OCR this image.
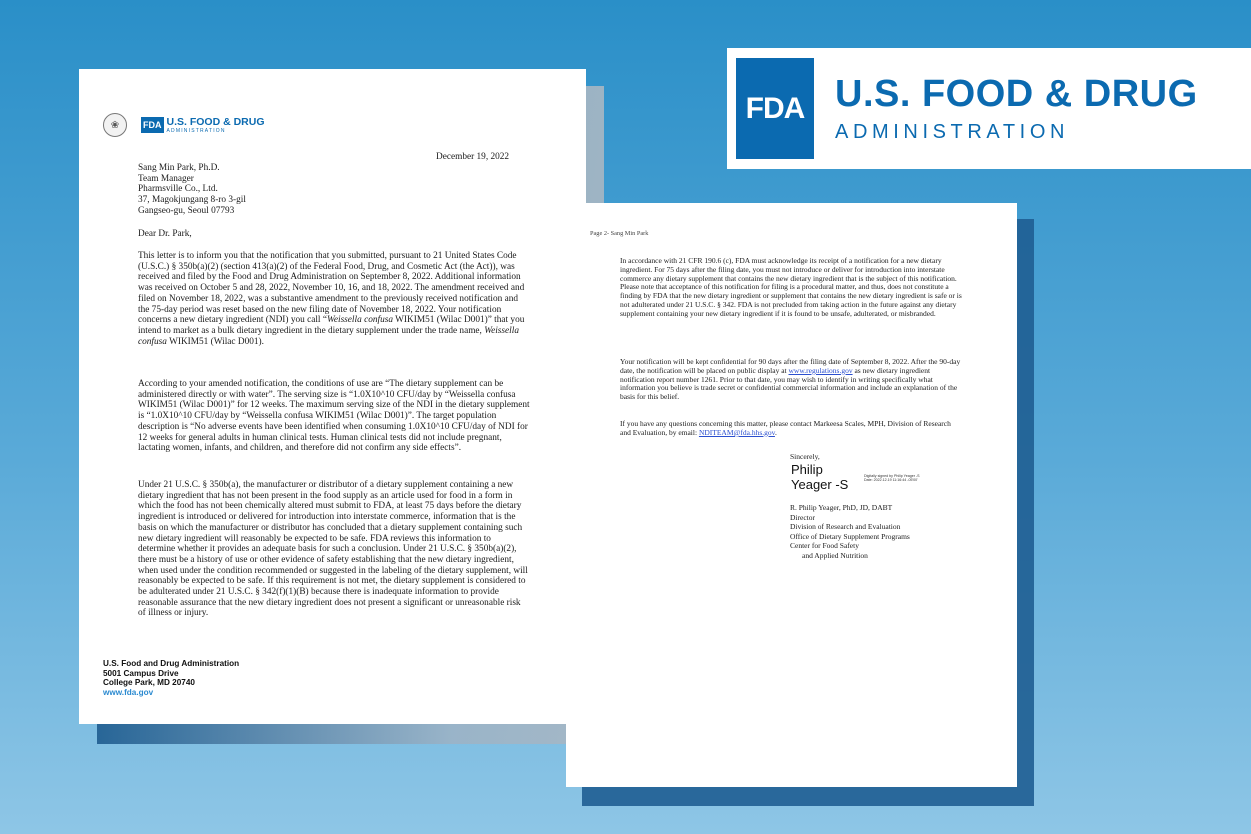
❀	FDA U.S. FOOD & DRUG
ADMINISTRATION
December 19, 2022
Sang Min Park, Ph.D.
Team Manager
Pharmsville Co., Ltd.
37, Magokjungang 8-ro 3-gil
Gangseo-gu, Seoul 07793
Dear Dr. Park,
This letter is to inform you that the notification that you submitted, pursuant to 21 United States Code (U.S.C.) § 350b(a)(2) (section 413(a)(2) of the Federal Food, Drug, and Cosmetic Act (the Act)), was received and filed by the Food and Drug Administration on September 8, 2022. Additional information was received on October 5 and 28, 2022, November 10, 16, and 18, 2022. The amendment received and filed on November 18, 2022, was a substantive amendment to the previously received notification and the 75-day period was reset based on the new filing date of November 18, 2022. Your notification concerns a new dietary ingredient (NDI) you call “Weissella confusa WIKIM51 (Wilac D001)” that you intend to market as a bulk dietary ingredient in the dietary supplement under the trade name, Weissella confusa WIKIM51 (Wilac D001).
According to your amended notification, the conditions of use are “The dietary supplement can be administered directly or with water”. The serving size is “1.0X10^10 CFU/day by “Weissella confusa WIKIM51 (Wilac D001)” for 12 weeks. The maximum serving size of the NDI in the dietary supplement is “1.0X10^10 CFU/day by “Weissella confusa WIKIM51 (Wilac D001)”. The target population description is “No adverse events have been identified when consuming 1.0X10^10 CFU/day of NDI for 12 weeks for general adults in human clinical tests. Human clinical tests did not include pregnant, lactating women, infants, and children, and therefore did not confirm any side effects”.
Under 21 U.S.C. § 350b(a), the manufacturer or distributor of a dietary supplement containing a new dietary ingredient that has not been present in the food supply as an article used for food in a form in which the food has not been chemically altered must submit to FDA, at least 75 days before the dietary ingredient is introduced or delivered for introduction into interstate commerce, information that is the basis on which the manufacturer or distributor has concluded that a dietary supplement containing such new dietary ingredient will reasonably be expected to be safe. FDA reviews this information to determine whether it provides an adequate basis for such a conclusion. Under 21 U.S.C. § 350b(a)(2), there must be a history of use or other evidence of safety establishing that the new dietary ingredient, when used under the condition recommended or suggested in the labeling of the dietary supplement, will reasonably be expected to be safe. If this requirement is not met, the dietary supplement is considered to be adulterated under 21 U.S.C. § 342(f)(1)(B) because there is inadequate information to provide reasonable assurance that the new dietary ingredient does not present a significant or unreasonable risk of illness or injury.
U.S. Food and Drug Administration
5001 Campus Drive
College Park, MD 20740
www.fda.gov
Page 2- Sang Min Park
In accordance with 21 CFR 190.6 (c), FDA must acknowledge its receipt of a notification for a new dietary ingredient. For 75 days after the filing date, you must not introduce or deliver for introduction into interstate commerce any dietary supplement that contains the new dietary ingredient that is the subject of this notification. Please note that acceptance of this notification for filing is a procedural matter, and thus, does not constitute a finding by FDA that the new dietary ingredient or supplement that contains the new dietary ingredient is safe or is not adulterated under 21 U.S.C. § 342. FDA is not precluded from taking action in the future against any dietary supplement containing your new dietary ingredient if it is found to be unsafe, adulterated, or misbranded.
Your notification will be kept confidential for 90 days after the filing date of September 8, 2022. After the 90-day date, the notification will be placed on public display at www.regulations.gov as new dietary ingredient notification report number 1261. Prior to that date, you may wish to identify in writing specifically what information you believe is trade secret or confidential commercial information and include an explanation of the basis for this belief.
If you have any questions concerning this matter, please contact Markeesa Scales, MPH, Division of Research and Evaluation, by email: NDITEAM@fda.hhs.gov.
Sincerely,
Philip
Yeager -S
Digitally signed by Philip Yeager -S
Date: 2022.12.19 11:16:44 -05'00'
R. Philip Yeager, PhD, JD, DABT
Director
Division of Research and Evaluation
Office of Dietary Supplement Programs
Center for Food Safety
and Applied Nutrition
FDA U.S. FOOD & DRUG
ADMINISTRATION
